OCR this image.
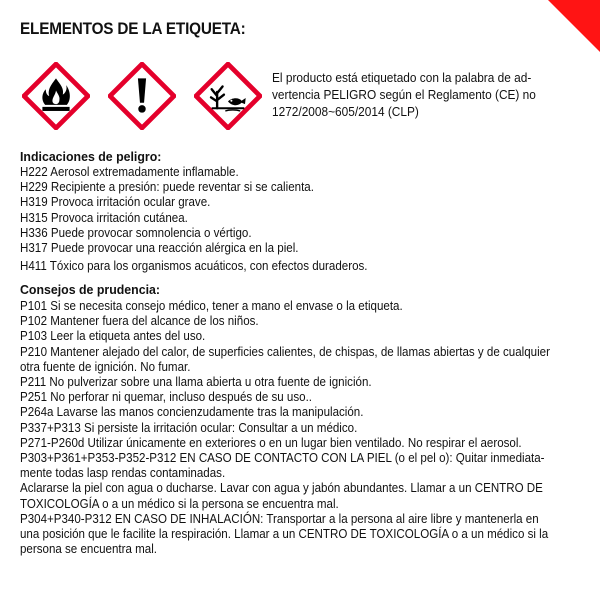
ELEMENTOS DE LA ETIQUETA:
El producto está etiquetado con la palabra de ad-
vertencia PELIGRO según el Reglamento (CE) no
1272/2008~605/2014 (CLP)
Indicaciones de peligro:
H222 Aerosol extremadamente inflamable.
H229 Recipiente a presión: puede reventar si se calienta.
H319 Provoca irritación ocular grave.
H315 Provoca irritación cutánea.
H336 Puede provocar somnolencia o vértigo.
H317 Puede provocar una reacción alérgica en la piel.
H411 Tóxico para los organismos acuáticos, con efectos duraderos.
Consejos de prudencia:
P101 Si se necesita consejo médico, tener a mano el envase o la etiqueta.
P102 Mantener fuera del alcance de los niños.
P103 Leer la etiqueta antes del uso.
P210 Mantener alejado del calor, de superficies calientes, de chispas, de llamas abiertas y de cualquier
otra fuente de ignición. No fumar.
P211 No pulverizar sobre una llama abierta u otra fuente de ignición.
P251 No perforar ni quemar, incluso después de su uso..
P264a Lavarse las manos concienzudamente tras la manipulación.
P337+P313 Si persiste la irritación ocular: Consultar a un médico.
P271-P260d Utilizar únicamente en exteriores o en un lugar bien ventilado. No respirar el aerosol.
P303+P361+P353-P352-P312 EN CASO DE CONTACTO CON LA PIEL (o el pel o): Quitar inmediata-
mente todas lasp rendas contaminadas.
Aclararse la piel con agua o ducharse. Lavar con agua y jabón abundantes. Llamar a un CENTRO DE
TOXICOLOGÍA o a un médico si la persona se encuentra mal.
P304+P340-P312 EN CASO DE INHALACIÓN: Transportar a la persona al aire libre y mantenerla en
una posición que le facilite la respiración. Llamar a un CENTRO DE TOXICOLOGÍA o a un médico si la
persona se encuentra mal.
